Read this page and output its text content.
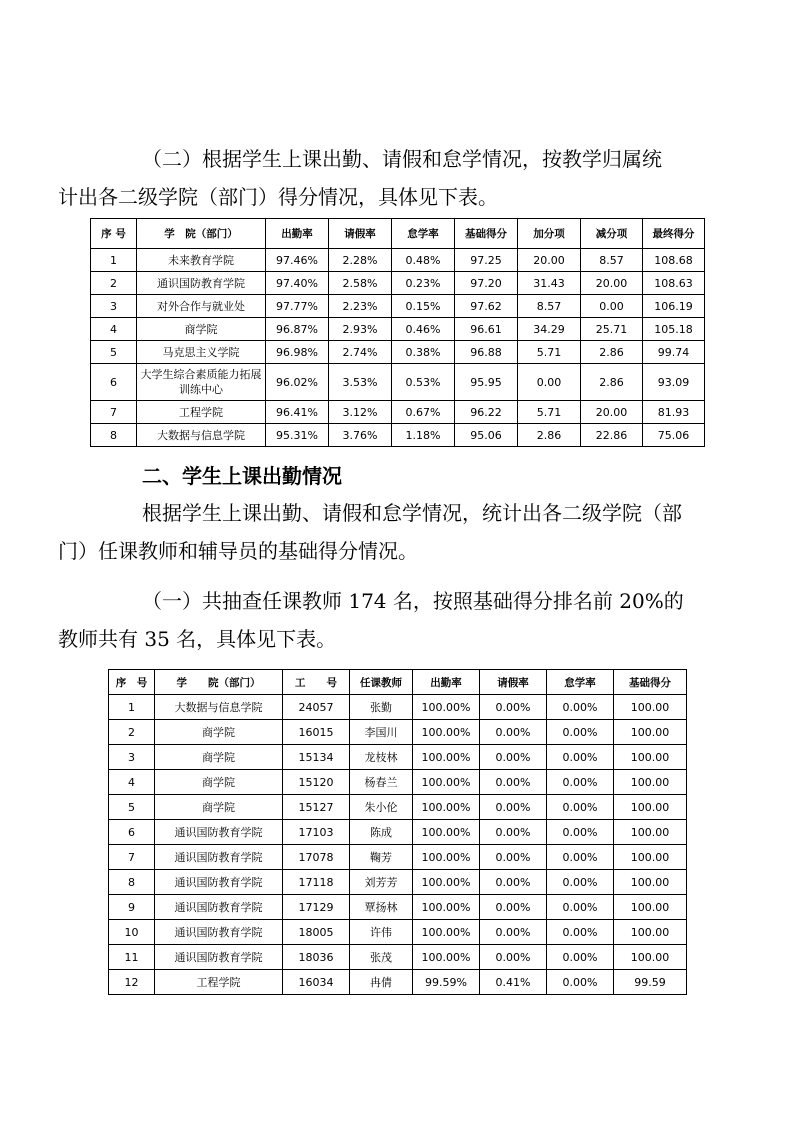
（二）根据学生上课出勤、请假和怠学情况，按教学归属统
计出各二级学院（部门）得分情况，具体见下表。

序 号	学　院（部门）	出勤率	请假率	怠学率	基础得分	加分项	减分项	最终得分
1	未来教育学院	97.46%	2.28%	0.48%	97.25	20.00	8.57	108.68
2	通识国防教育学院	97.40%	2.58%	0.23%	97.20	31.43	20.00	108.63
3	对外合作与就业处	97.77%	2.23%	0.15%	97.62	8.57	0.00	106.19
4	商学院	96.87%	2.93%	0.46%	96.61	34.29	25.71	105.18
5	马克思主义学院	96.98%	2.74%	0.38%	96.88	5.71	2.86	99.74
6	大学生综合素质能力拓展训练中心	96.02%	3.53%	0.53%	95.95	0.00	2.86	93.09
7	工程学院	96.41%	3.12%	0.67%	96.22	5.71	20.00	81.93
8	大数据与信息学院	95.31%	3.76%	1.18%	95.06	2.86	22.86	75.06
二、学生上课出勤情况

根据学生上课出勤、请假和怠学情况，统计出各二级学院（部
门）任课教师和辅导员的基础得分情况。

（一）共抽查任课教师 174 名，按照基础得分排名前 20%的
教师共有 35 名，具体见下表。

序　号	学　　院（部门）	工　　号	任课教师	出勤率	请假率	怠学率	基础得分
1	大数据与信息学院	24057	张勤	100.00%	0.00%	0.00%	100.00
2	商学院	16015	李国川	100.00%	0.00%	0.00%	100.00
3	商学院	15134	龙枝林	100.00%	0.00%	0.00%	100.00
4	商学院	15120	杨春兰	100.00%	0.00%	0.00%	100.00
5	商学院	15127	朱小伦	100.00%	0.00%	0.00%	100.00
6	通识国防教育学院	17103	陈成	100.00%	0.00%	0.00%	100.00
7	通识国防教育学院	17078	鞠芳	100.00%	0.00%	0.00%	100.00
8	通识国防教育学院	17118	刘芳芳	100.00%	0.00%	0.00%	100.00
9	通识国防教育学院	17129	覃扬林	100.00%	0.00%	0.00%	100.00
10	通识国防教育学院	18005	许伟	100.00%	0.00%	0.00%	100.00
11	通识国防教育学院	18036	张茂	100.00%	0.00%	0.00%	100.00
12	工程学院	16034	冉倩	99.59%	0.41%	0.00%	99.59
